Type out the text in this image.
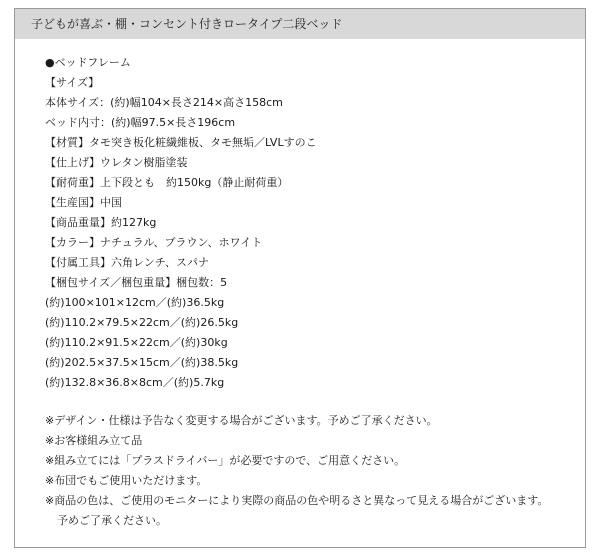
子どもが喜ぶ・棚・コンセント付きロータイプ二段ベッド
●ベッドフレーム
【サイズ】
本体サイズ：(約)幅104×長さ214×高さ158cm
ベッド内寸：(約)幅97.5×長さ196cm
【材質】タモ突き板化粧繊維板、タモ無垢／LVLすのこ
【仕上げ】ウレタン樹脂塗装
【耐荷重】上下段とも　約150kg（静止耐荷重）
【生産国】中国
【商品重量】約127kg
【カラー】ナチュラル、ブラウン、ホワイト
【付属工具】六角レンチ、スパナ
【梱包サイズ／梱包重量】梱包数：5
(約)100×101×12cm／(約)36.5kg
(約)110.2×79.5×22cm／(約)26.5kg
(約)110.2×91.5×22cm／(約)30kg
(約)202.5×37.5×15cm／(約)38.5kg
(約)132.8×36.8×8cm／(約)5.7kg
※デザイン・仕様は予告なく変更する場合がございます。予めご了承ください。
※お客様組み立て品
※組み立てには「プラスドライバー」が必要ですので、ご用意ください。
※布団でもご使用いただけます。
※商品の色は、ご使用のモニターにより実際の商品の色や明るさと異なって見える場合がございます。
予めご了承ください。
